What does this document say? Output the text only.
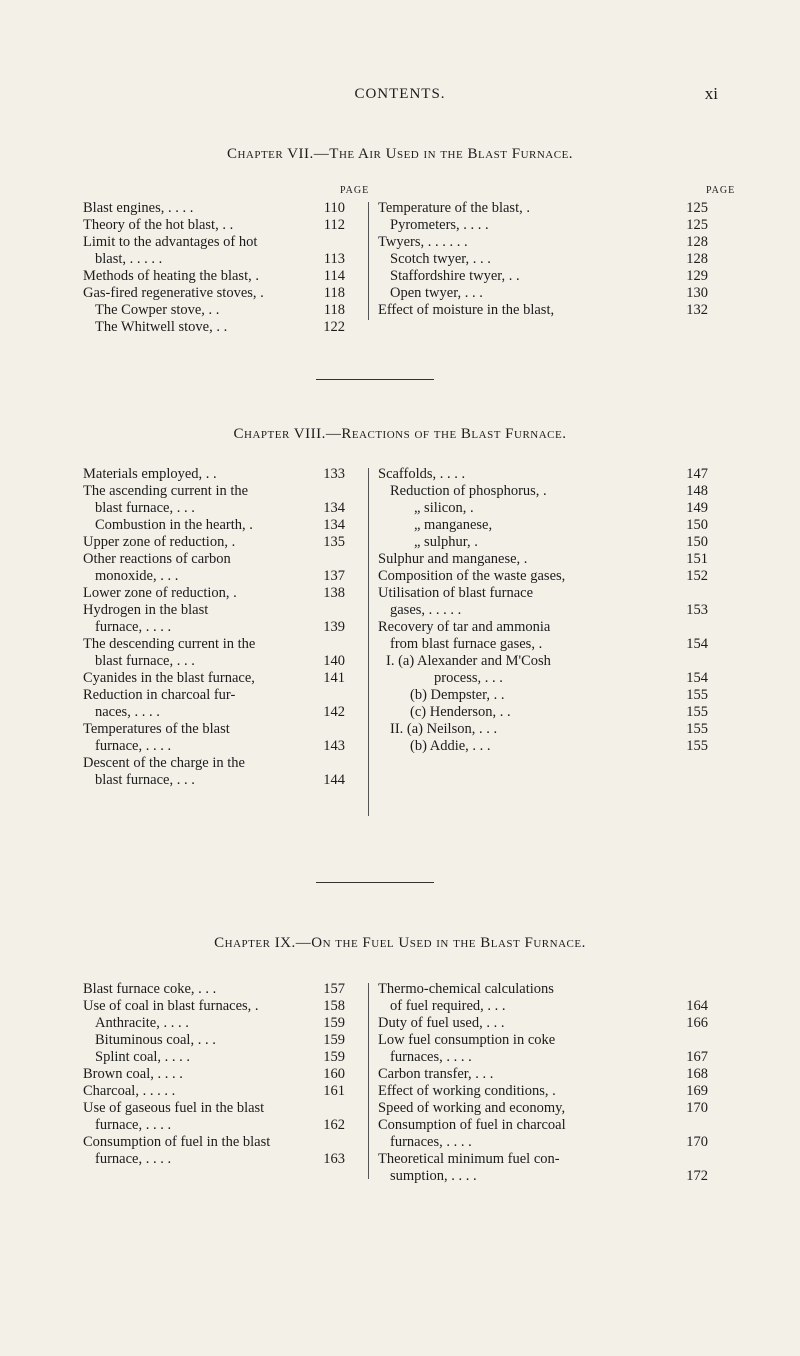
CONTENTS.	xi
Chapter VII.—The Air Used in the Blast Furnace.
PAGE	PAGE
Blast engines, . . . .	110
Theory of the hot blast, . .	112
Limit to the advantages of hot
blast, . . . . .	113
Methods of heating the blast, .	114
Gas-fired regenerative stoves, .	118
The Cowper stove, . .	118
The Whitwell stove, . .	122
Temperature of the blast, .	125
Pyrometers, . . . .	125
Twyers, . . . . . .	128
Scotch twyer, . . .	128
Staffordshire twyer, . .	129
Open twyer, . . .	130
Effect of moisture in the blast,	132
Chapter VIII.—Reactions of the Blast Furnace.
Materials employed, . .	133
The ascending current in the
blast furnace, . . .	134
Combustion in the hearth, .	134
Upper zone of reduction, .	135
Other reactions of carbon
monoxide, . . .	137
Lower zone of reduction, .	138
Hydrogen in the blast
furnace, . . . .	139
The descending current in the
blast furnace, . . .	140
Cyanides in the blast furnace,	141
Reduction in charcoal fur-
naces, . . . .	142
Temperatures of the blast
furnace, . . . .	143
Descent of the charge in the
blast furnace, . . .	144
Scaffolds, . . . .	147
Reduction of phosphorus, .	148
„ silicon, .	149
„ manganese,	150
„ sulphur, .	150
Sulphur and manganese, .	151
Composition of the waste gases,	152
Utilisation of blast furnace
gases, . . . . .	153
Recovery of tar and ammonia
from blast furnace gases, .	154
I. (a) Alexander and M'Cosh
process, . . .	154
(b) Dempster, . .	155
(c) Henderson, . .	155
II. (a) Neilson, . . .	155
(b) Addie, . . .	155
Chapter IX.—On the Fuel Used in the Blast Furnace.
Blast furnace coke, . . .	157
Use of coal in blast furnaces, .	158
Anthracite, . . . .	159
Bituminous coal, . . .	159
Splint coal, . . . .	159
Brown coal, . . . .	160
Charcoal, . . . . .	161
Use of gaseous fuel in the blast
furnace, . . . .	162
Consumption of fuel in the blast
furnace, . . . .	163
Thermo-chemical calculations
of fuel required, . . .	164
Duty of fuel used, . . .	166
Low fuel consumption in coke
furnaces, . . . .	167
Carbon transfer, . . .	168
Effect of working conditions, .	169
Speed of working and economy,	170
Consumption of fuel in charcoal
furnaces, . . . .	170
Theoretical minimum fuel con-
sumption, . . . .	172
